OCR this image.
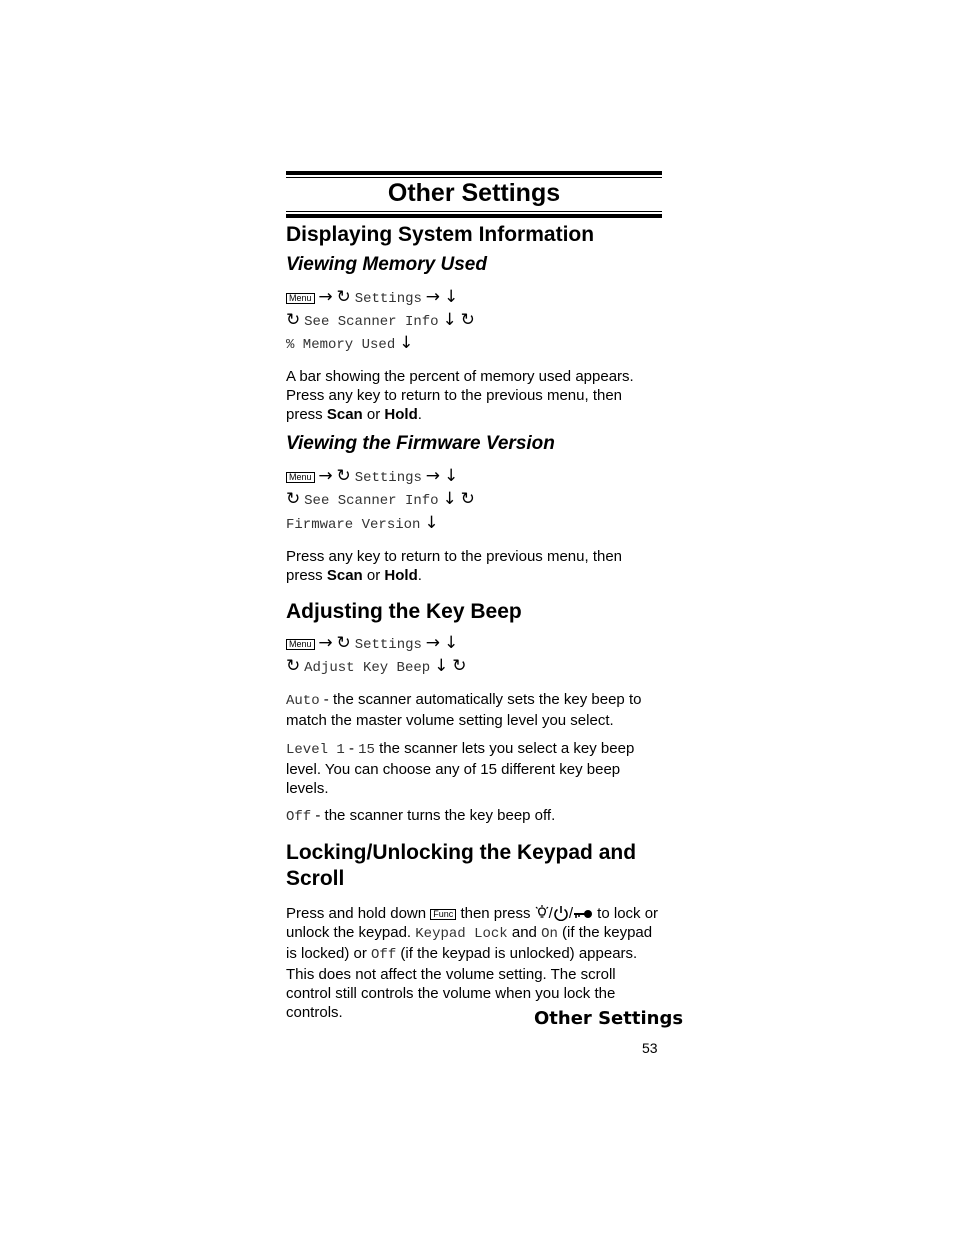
Other Settings
Displaying System Information
Viewing Memory Used
Menu → ↻ Settings → ↓
↻ See Scanner Info ↓ ↻
% Memory Used ↓
A bar showing the percent of memory used appears. Press any key to return to the previous menu, then press Scan or Hold.
Viewing the Firmware Version
Menu → ↻ Settings → ↓
↻ See Scanner Info ↓ ↻
Firmware Version ↓
Press any key to return to the previous menu, then press Scan or Hold.
Adjusting the Key Beep
Menu → ↻ Settings → ↓
↻ Adjust Key Beep ↓ ↻
Auto - the scanner automatically sets the key beep to match the master volume setting level you select.
Level 1 - 15 the scanner lets you select a key beep level. You can choose any of 15 different key beep levels.
Off - the scanner turns the key beep off.
Locking/Unlocking the Keypad and Scroll
Press and hold down Func then press / / to lock or unlock the keypad. Keypad Lock and On (if the keypad is locked) or Off (if the keypad is unlocked) appears. This does not affect the volume setting. The scroll control still controls the volume when you lock the controls.	Other Settings
53
